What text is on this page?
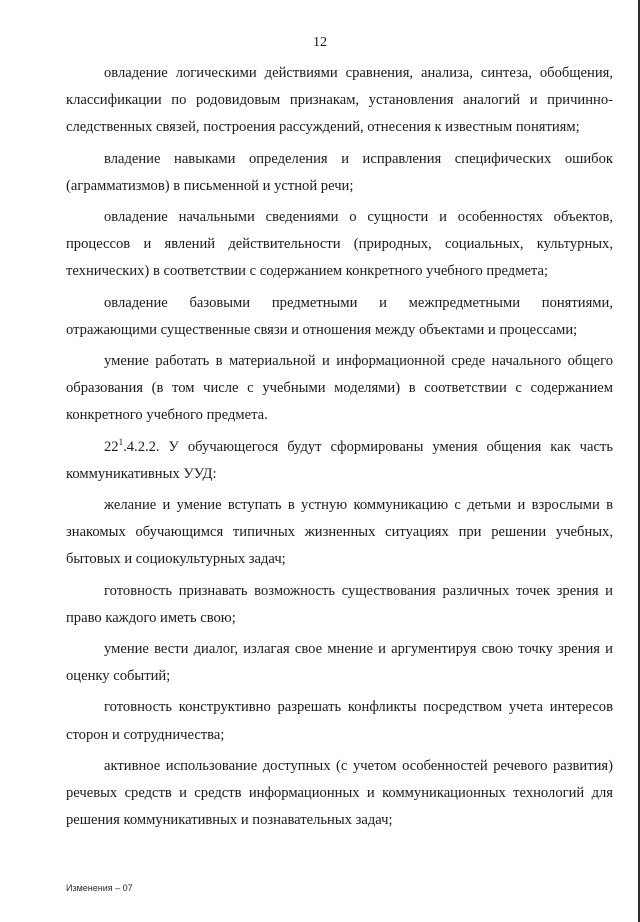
12

овладение логическими действиями сравнения, анализа, синтеза, обобщения, классификации по родовидовым признакам, установления аналогий и причинно-следственных связей, построения рассуждений, отнесения к известным понятиям;

владение навыками определения и исправления специфических ошибок (аграмматизмов) в письменной и устной речи;

овладение начальными сведениями о сущности и особенностях объектов, процессов и явлений действительности (природных, социальных, культурных, технических) в соответствии с содержанием конкретного учебного предмета;

овладение базовыми предметными и межпредметными понятиями, отражающими существенные связи и отношения между объектами и процессами;

умение работать в материальной и информационной среде начального общего образования (в том числе с учебными моделями) в соответствии с содержанием конкретного учебного предмета.

$22^1.4.2.2$. У обучающегося будут сформированы умения общения как часть коммуникативных УУД:

желание и умение вступать в устную коммуникацию с детьми и взрослыми в знакомых обучающимся типичных жизненных ситуациях при решении учебных, бытовых и социокультурных задач;

готовность признавать возможность существования различных точек зрения и право каждого иметь свою;

умение вести диалог, излагая свое мнение и аргументируя свою точку зрения и оценку событий;

готовность конструктивно разрешать конфликты посредством учета интересов сторон и сотрудничества;

активное использование доступных (с учетом особенностей речевого развития) речевых средств и средств информационных и коммуникационных технологий для решения коммуникативных и познавательных задач;

Изменения – 07
